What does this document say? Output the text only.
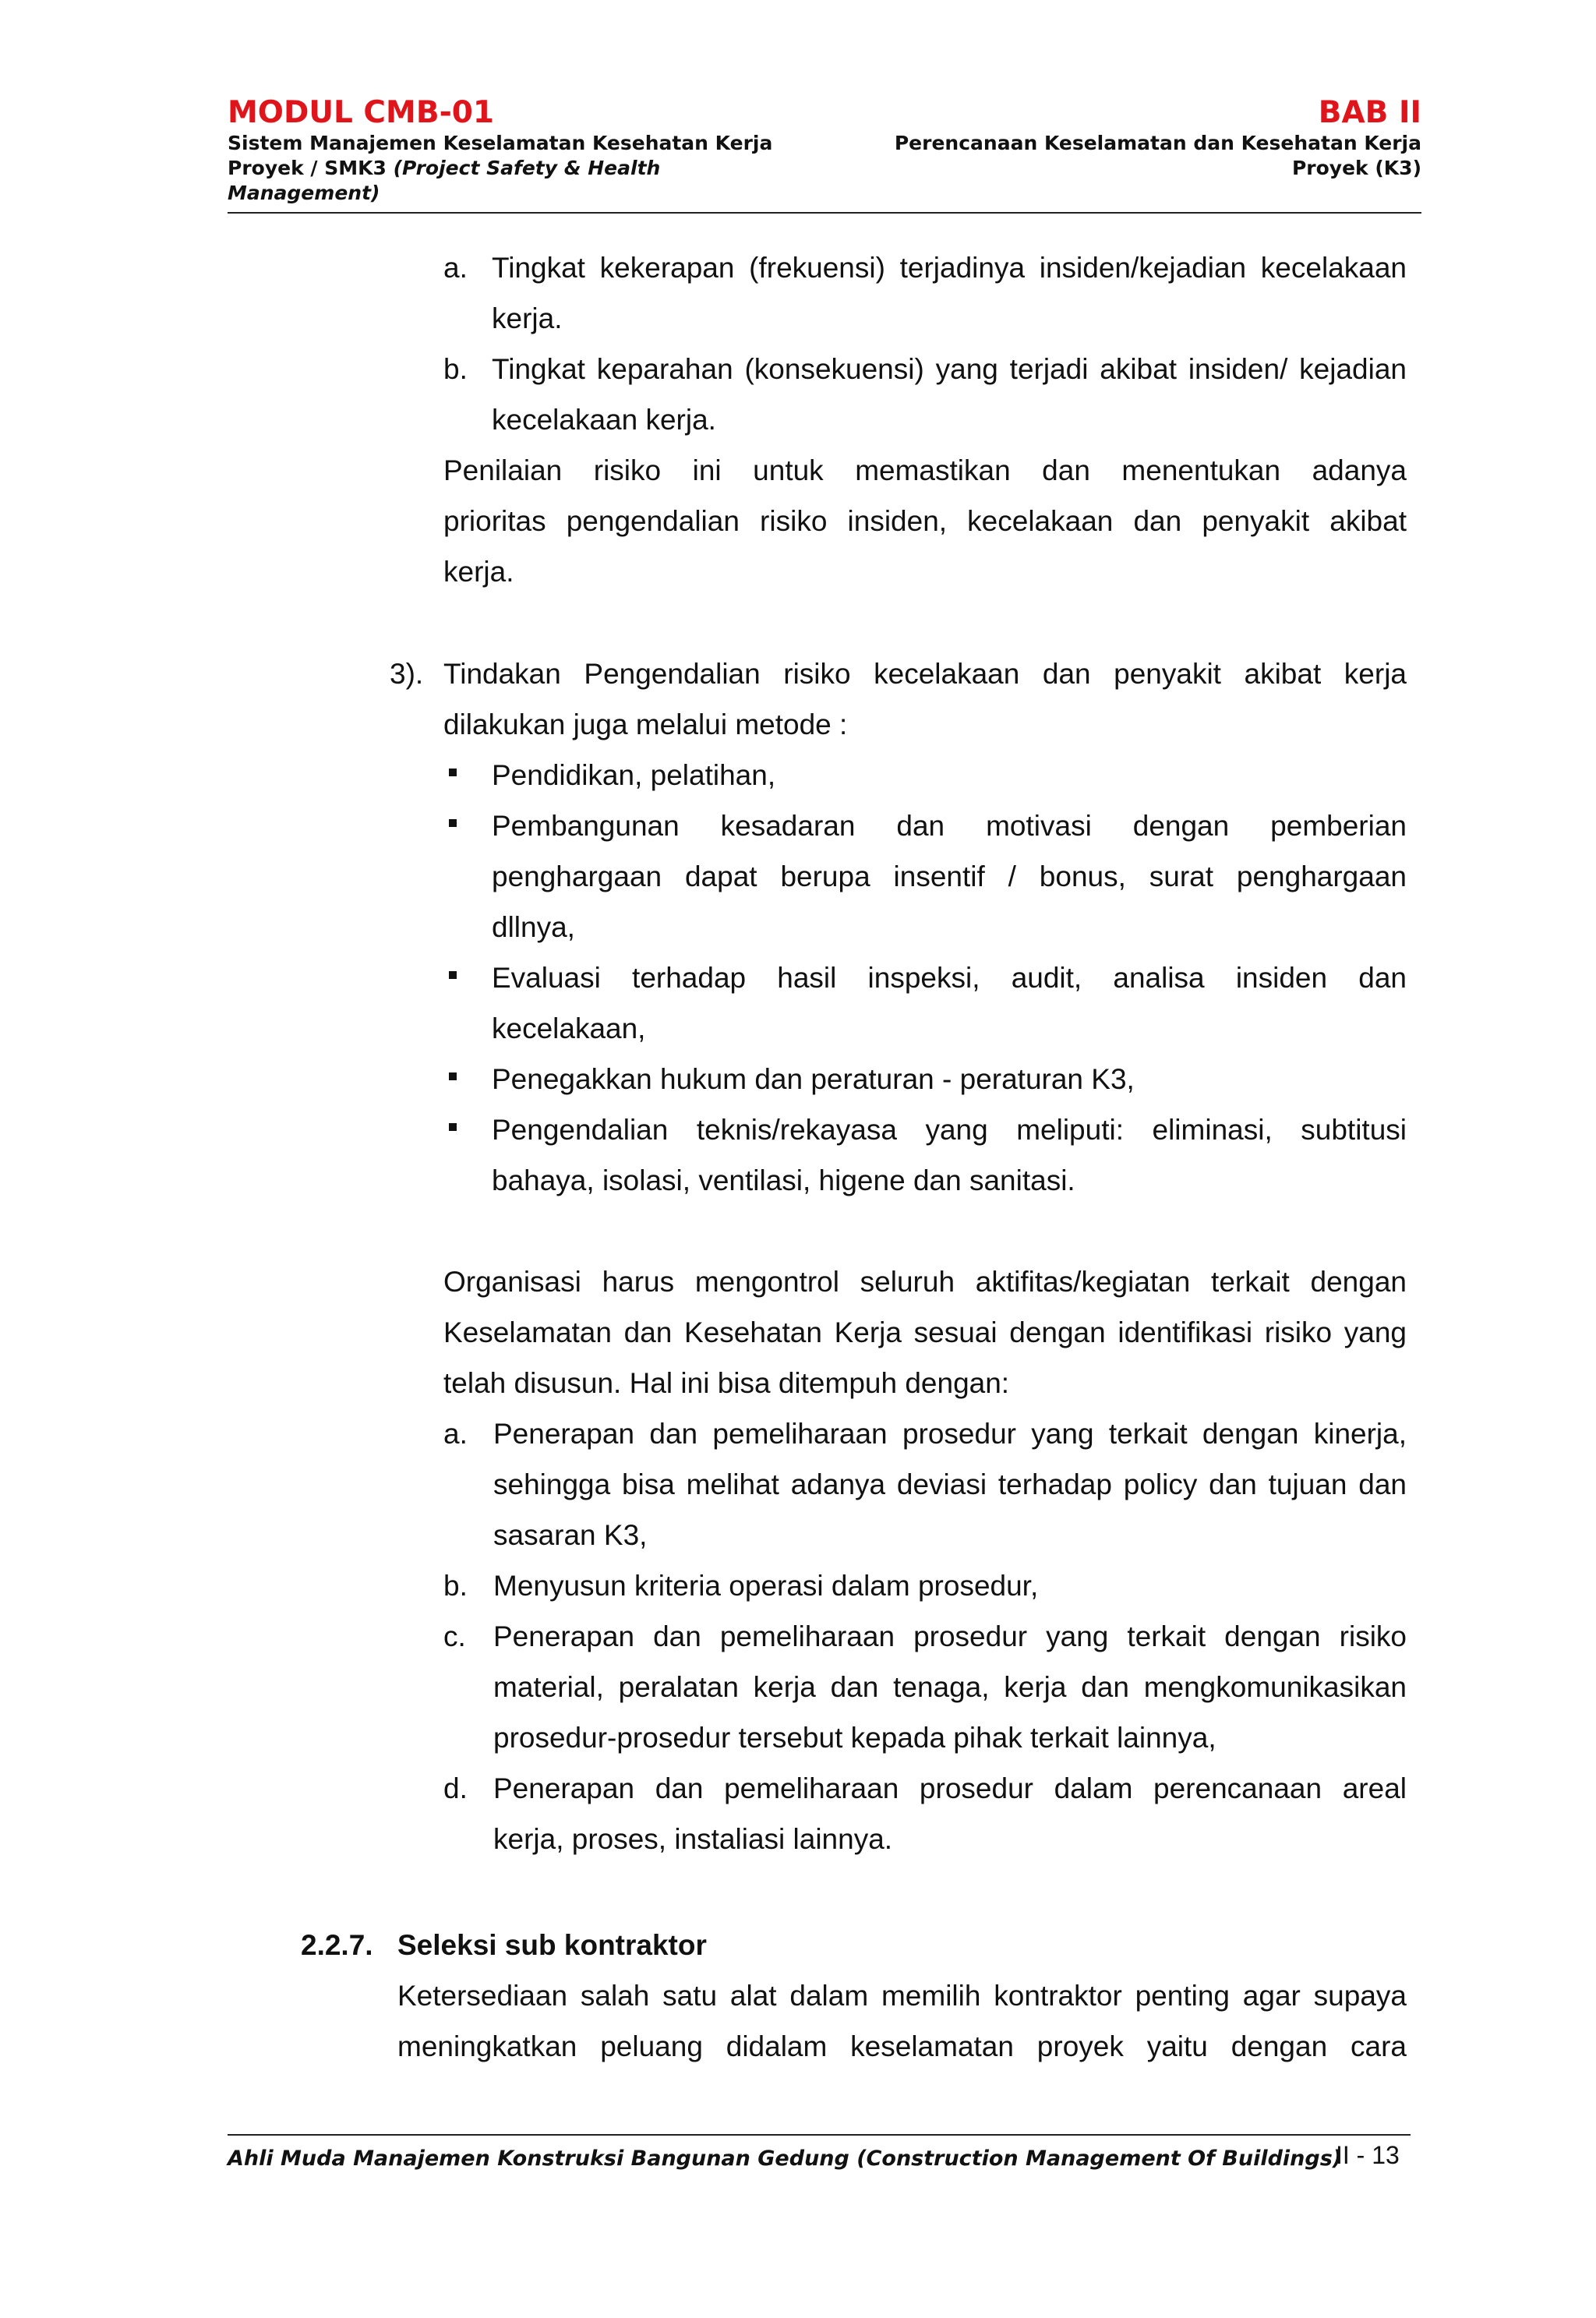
MODUL CMB-01
Sistem Manajemen Keselamatan Kesehatan Kerja
Proyek / SMK3 (Project Safety & Health
Management)
BAB II
Perencanaan Keselamatan dan Kesehatan Kerja
Proyek (K3)
a. Tingkat kekerapan (frekuensi) terjadinya insiden/kejadian kecelakaan
kerja.
b. Tingkat keparahan (konsekuensi) yang terjadi akibat insiden/ kejadian
kecelakaan kerja.
Penilaian risiko ini untuk memastikan dan menentukan adanya
prioritas pengendalian risiko insiden, kecelakaan dan penyakit akibat
kerja.
3). Tindakan Pengendalian risiko kecelakaan dan penyakit akibat kerja
dilakukan juga melalui metode :
Pendidikan, pelatihan,
Pembangunan kesadaran dan motivasi dengan pemberian
penghargaan dapat berupa insentif / bonus, surat penghargaan
dllnya,
Evaluasi terhadap hasil inspeksi, audit, analisa insiden dan
kecelakaan,
Penegakkan hukum dan peraturan - peraturan K3,
Pengendalian teknis/rekayasa yang meliputi: eliminasi, subtitusi
bahaya, isolasi, ventilasi, higene dan sanitasi.
Organisasi harus mengontrol seluruh aktifitas/kegiatan terkait dengan
Keselamatan dan Kesehatan Kerja sesuai dengan identifikasi risiko yang
telah disusun. Hal ini bisa ditempuh dengan:
a. Penerapan dan pemeliharaan prosedur yang terkait dengan kinerja,
sehingga bisa melihat adanya deviasi terhadap policy dan tujuan dan
sasaran K3,
b. Menyusun kriteria operasi dalam prosedur,
c. Penerapan dan pemeliharaan prosedur yang terkait dengan risiko
material, peralatan kerja dan tenaga, kerja dan mengkomunikasikan
prosedur-prosedur tersebut kepada pihak terkait lainnya,
d. Penerapan dan pemeliharaan prosedur dalam perencanaan areal
kerja, proses, instaliasi lainnya.
2.2.7. Seleksi sub kontraktor
Ketersediaan salah satu alat dalam memilih kontraktor penting agar supaya
meningkatkan peluang didalam keselamatan proyek yaitu dengan cara
Ahli Muda Manajemen Konstruksi Bangunan Gedung (Construction Management Of Buildings)
II - 13
